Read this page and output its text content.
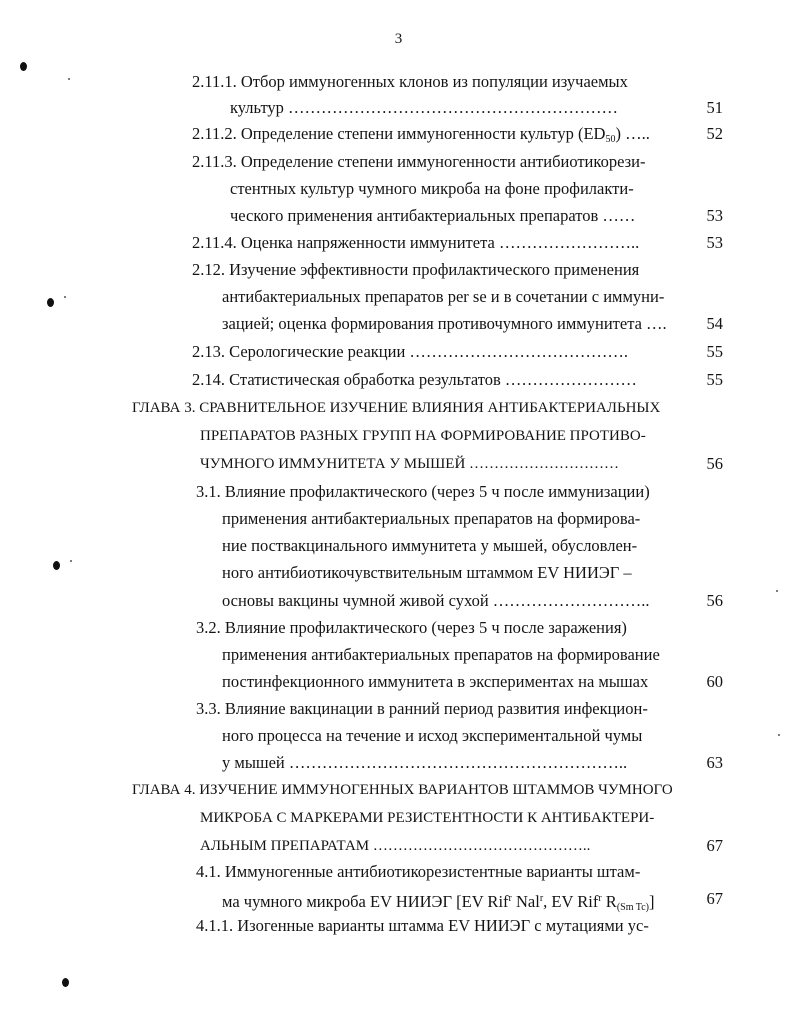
3
2.11.1. Отбор иммуногенных клонов из популяции изучаемых
культур ……………………………………………………	51
2.11.2. Определение степени иммуногенности культур $(ED_{50})$ …..	52
2.11.3. Определение степени иммуногенности антибиотикорези-
стентных культур чумного микроба на фоне профилакти-
ческого применения антибактериальных препаратов ……	53
2.11.4. Оценка напряженности иммунитета ……………………..	53
2.12. Изучение эффективности профилактического применения
антибактериальных препаратов per se и в сочетании с иммуни-
зацией; оценка формирования противочумного иммунитета ….	54
2.13. Серологические реакции ………………………………….	55
2.14. Статистическая обработка результатов ……………………	55
ГЛАВА 3. СРАВНИТЕЛЬНОЕ ИЗУЧЕНИЕ ВЛИЯНИЯ АНТИБАКТЕРИАЛЬНЫХ
ПРЕПАРАТОВ РАЗНЫХ ГРУПП НА ФОРМИРОВАНИЕ ПРОТИВО-
ЧУМНОГО ИММУНИТЕТА У МЫШЕЙ …………………………	56
3.1. Влияние профилактического (через 5 ч после иммунизации)
применения антибактериальных препаратов на формирова-
ние поствакцинального иммунитета у мышей, обусловлен-
ного антибиотикочувствительным штаммом EV НИИЭГ –
основы вакцины чумной живой сухой ………………………..	56
3.2. Влияние профилактического (через 5 ч после заражения)
применения антибактериальных препаратов на формирование
постинфекционного иммунитета в экспериментах на мышах	60
3.3. Влияние вакцинации в ранний период развития инфекцион-
ного процесса на течение и исход экспериментальной чумы
у мышей ……………………………………………………..	63
ГЛАВА 4. ИЗУЧЕНИЕ ИММУНОГЕННЫХ ВАРИАНТОВ ШТАММОВ ЧУМНОГО
МИКРОБА С МАРКЕРАМИ РЕЗИСТЕНТНОСТИ К АНТИБАКТЕРИ-
АЛЬНЫМ ПРЕПАРАТАМ ……………………………………..	67
4.1. Иммуногенные антибиотикорезистентные варианты штам-
ма чумного микроба EV НИИЭГ [EV Rif$^r$ Nal$^r$, EV Rif$^r$ $R_{(Sm Tc)}$]	67
4.1.1. Изогенные варианты штамма EV НИИЭГ с мутациями ус-
